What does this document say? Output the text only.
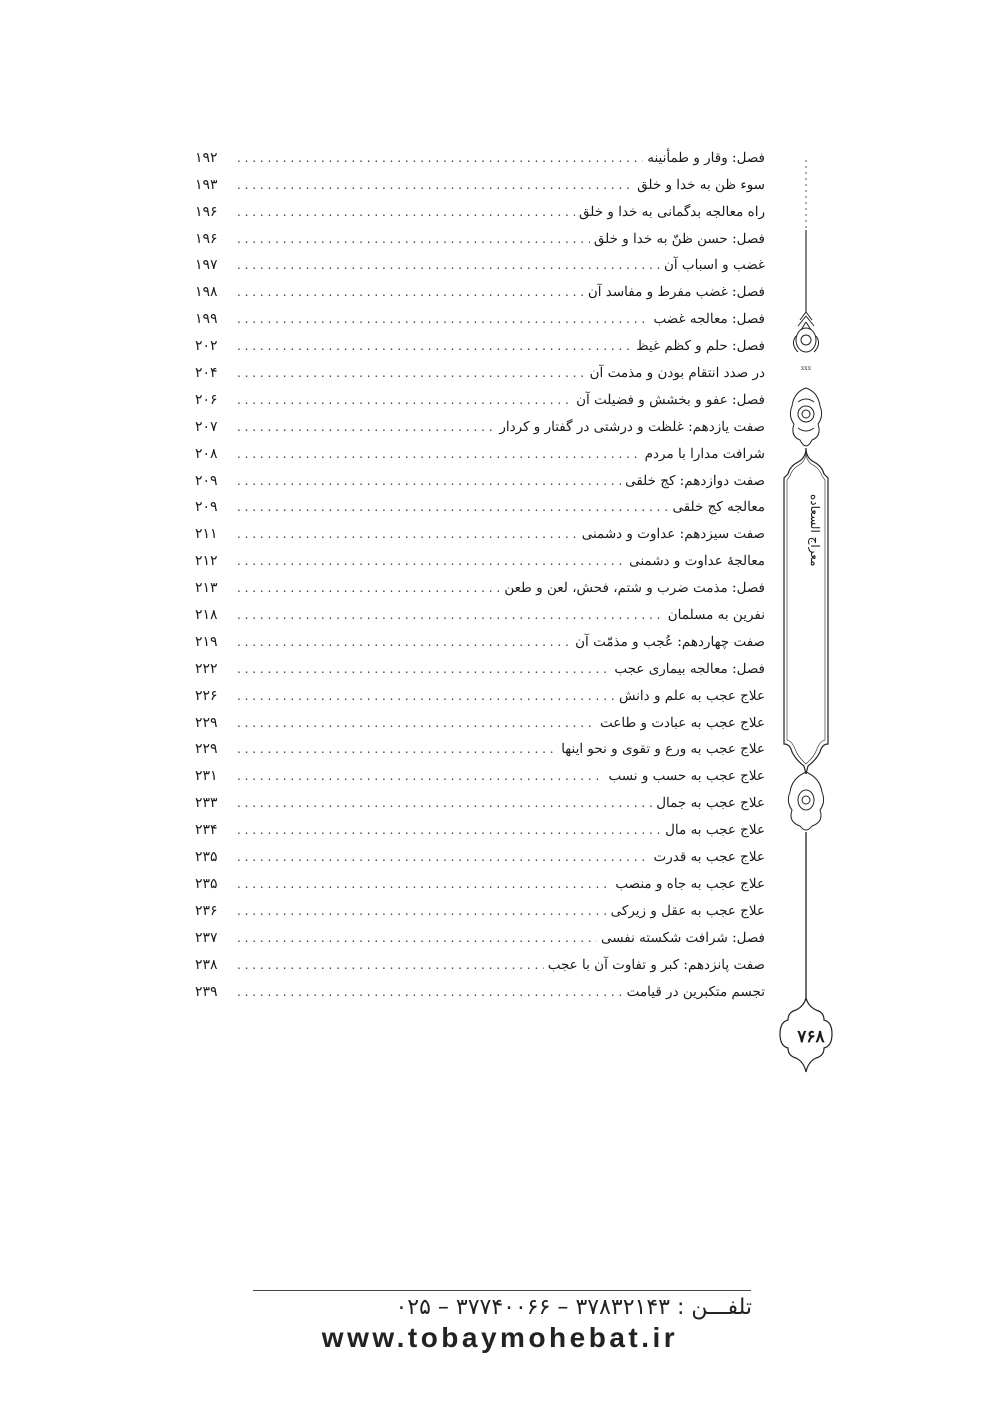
فصل: وقار و طمأنینه
. . .
۱۹۲
سوء ظن به خدا و خلق
. . .
۱۹۳
راه معالجه بدگمانی به خدا و خلق
. . .
۱۹۶
فصل: حسن ظنّ به خدا و خلق
. . .
۱۹۶
غضب و اسباب آن
. . .
۱۹۷
فصل: غضب مفرط و مفاسد آن
. . .
۱۹۸
فصل: معالجه غضب
. . .
۱۹۹
فصل: حلم و کظم غیظ
. . .
۲۰۲
در صدد انتقام بودن و مذمت آن
. . .
۲۰۴
فصل: عفو و بخشش و فضیلت آن
. . .
۲۰۶
صفت یازدهم: غلظت و درشتی در گفتار و کردار
. . .
۲۰۷
شرافت مدارا با مردم
. . .
۲۰۸
صفت دوازدهم: کج خلقی
. . .
۲۰۹
معالجه کج خلقی
. . .
۲۰۹
صفت سیزدهم: عداوت و دشمنی
. . .
۲۱۱
معالجهٔ عداوت و دشمنی
. . .
۲۱۲
فصل: مذمت ضرب و شتم، فحش، لعن و طعن
. . .
۲۱۳
نفرین به مسلمان
. . .
۲۱۸
صفت چهاردهم: عُجب و مذمّت آن
. . .
۲۱۹
فصل: معالجه بیماری عجب
. . .
۲۲۲
علاج عجب به علم و دانش
. . .
۲۲۶
علاج عجب به عبادت و طاعت
. . .
۲۲۹
علاج عجب به ورع و تقوی و نحو اینها
. . .
۲۲۹
علاج عجب به حسب و نسب
. . .
۲۳۱
علاج عجب به جمال
. . .
۲۳۳
علاج عجب به مال
. . .
۲۳۴
علاج عجب به قدرت
. . .
۲۳۵
علاج عجب به جاه و منصب
. . .
۲۳۵
علاج عجب به عقل و زیرکی
. . .
۲۳۶
فصل: شرافت شکسته نفسی
. . .
۲۳۷
صفت پانزدهم: کبر و تفاوت آن با عجب
. . .
۲۳۸
تجسم متکبرین در قیامت
. . .
۲۳۹
xxx
معراج السعاده
۷۶۸
تلفـــن : ۳۷۸۳۲۱۴۳ – ۳۷۷۴۰۰۶۶ – ۰۲۵
www.tobaymohebat.ir
